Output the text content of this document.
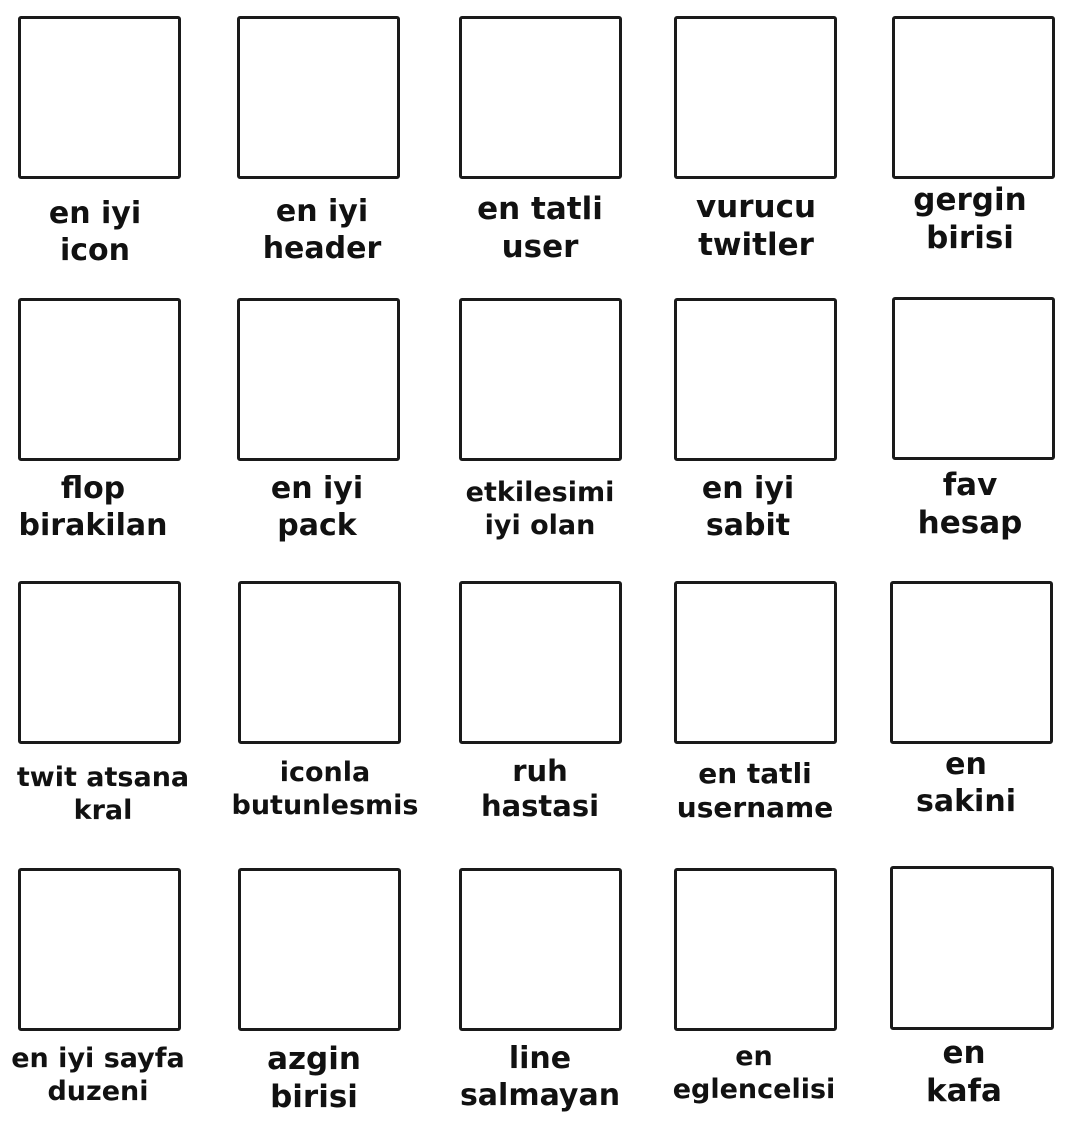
en iyi
icon
en iyi
header
en tatli
user
vurucu
twitler
gergin
birisi
flop
birakilan
en iyi
pack
etkilesimi
iyi olan
en iyi
sabit
fav
hesap
twit atsana
kral
iconla
butunlesmis
ruh
hastasi
en tatli
username
en
sakini
en iyi sayfa
duzeni
azgin
birisi
line
salmayan
en
eglencelisi
en
kafa
